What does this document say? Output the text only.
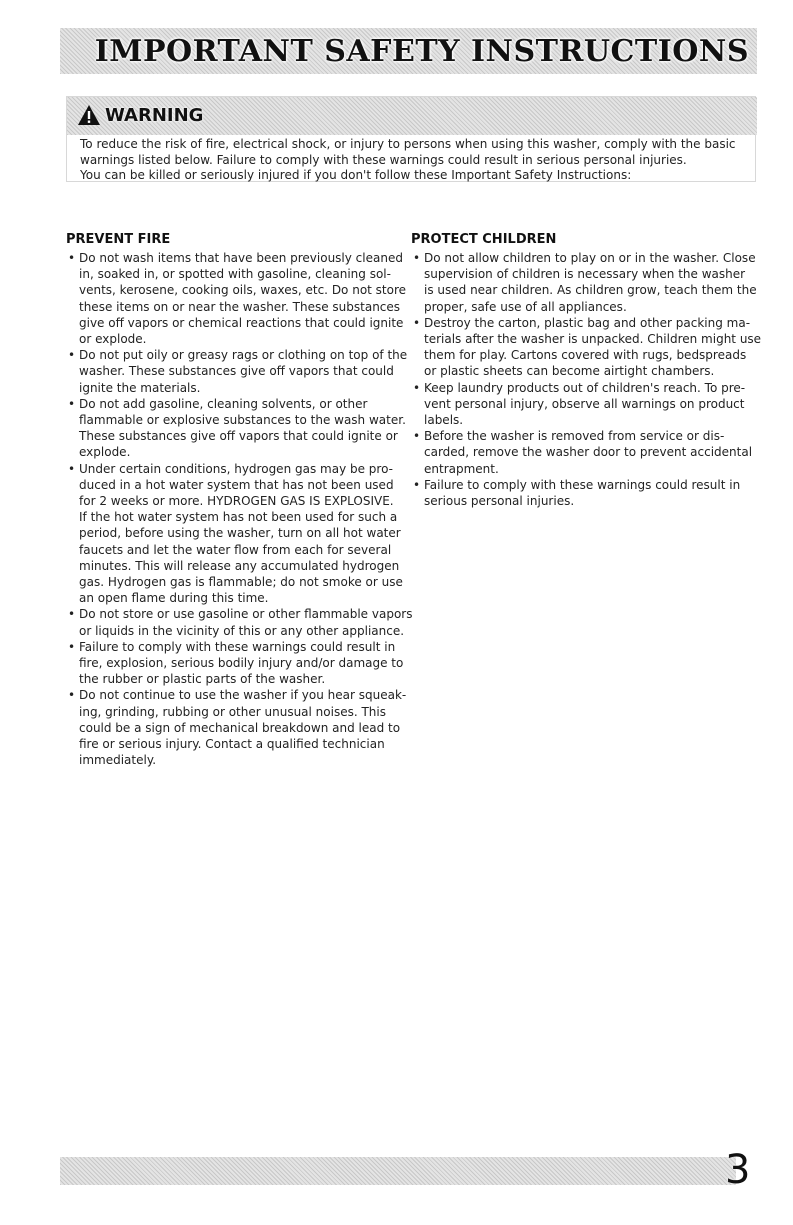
IMPORTANT SAFETY INSTRUCTIONS
WARNING
To reduce the risk of fire, electrical shock, or injury to persons when using this washer, comply with the basic
warnings listed below. Failure to comply with these warnings could result in serious personal injuries.
You can be killed or seriously injured if you don't follow these Important Safety Instructions:
PREVENT FIRE
• Do not wash items that have been previously cleaned
in, soaked in, or spotted with gasoline, cleaning sol-
vents, kerosene, cooking oils, waxes, etc. Do not store
these items on or near the washer. These substances
give off vapors or chemical reactions that could ignite
or explode.
• Do not put oily or greasy rags or clothing on top of the
washer. These substances give off vapors that could
ignite the materials.
• Do not add gasoline, cleaning solvents, or other
flammable or explosive substances to the wash water.
These substances give off vapors that could ignite or
explode.
• Under certain conditions, hydrogen gas may be pro-
duced in a hot water system that has not been used
for 2 weeks or more. HYDROGEN GAS IS EXPLOSIVE.
If the hot water system has not been used for such a
period, before using the washer, turn on all hot water
faucets and let the water flow from each for several
minutes. This will release any accumulated hydrogen
gas. Hydrogen gas is flammable; do not smoke or use
an open flame during this time.
• Do not store or use gasoline or other flammable vapors
or liquids in the vicinity of this or any other appliance.
• Failure to comply with these warnings could result in
fire, explosion, serious bodily injury and/or damage to
the rubber or plastic parts of the washer.
• Do not continue to use the washer if you hear squeak-
ing, grinding, rubbing or other unusual noises. This
could be a sign of mechanical breakdown and lead to
fire or serious injury. Contact a qualified technician
immediately.
PROTECT CHILDREN
• Do not allow children to play on or in the washer. Close
supervision of children is necessary when the washer
is used near children. As children grow, teach them the
proper, safe use of all appliances.
• Destroy the carton, plastic bag and other packing ma-
terials after the washer is unpacked. Children might use
them for play. Cartons covered with rugs, bedspreads
or plastic sheets can become airtight chambers.
• Keep laundry products out of children's reach. To pre-
vent personal injury, observe all warnings on product
labels.
• Before the washer is removed from service or dis-
carded, remove the washer door to prevent accidental
entrapment.
• Failure to comply with these warnings could result in
serious personal injuries.
3
